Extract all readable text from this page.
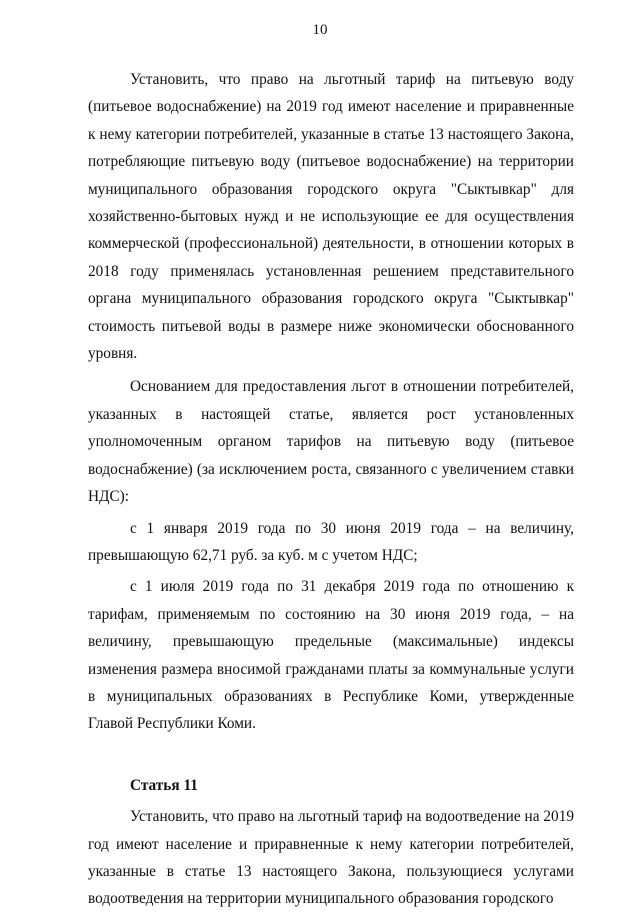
10

Установить, что право на льготный тариф на питьевую воду (питьевое водоснабжение) на 2019 год имеют население и приравненные к нему категории потребителей, указанные в статье 13 настоящего Закона, потребляющие питьевую воду (питьевое водоснабжение) на территории муниципального образования городского округа "Сыктывкар" для хозяйственно-бытовых нужд и не использующие ее для осуществления коммерческой (профессиональной) деятельности, в отношении которых в 2018 году применялась установленная решением представительного органа муниципального образования городского округа "Сыктывкар" стоимость питьевой воды в размере ниже экономически обоснованного уровня.

Основанием для предоставления льгот в отношении потребителей, указанных в настоящей статье, является рост установленных уполномоченным органом тарифов на питьевую воду (питьевое водоснабжение) (за исключением роста, связанного с увеличением ставки НДС):

с 1 января 2019 года по 30 июня 2019 года – на величину, превышающую 62,71 руб. за куб. м с учетом НДС;

с 1 июля 2019 года по 31 декабря 2019 года по отношению к тарифам, применяемым по состоянию на 30 июня 2019 года, – на величину, превышающую предельные (максимальные) индексы изменения размера вносимой гражданами платы за коммунальные услуги в муниципальных образованиях в Республике Коми, утвержденные Главой Республики Коми.

Статья 11

Установить, что право на льготный тариф на водоотведение на 2019 год имеют население и приравненные к нему категории потребителей, указанные в статье 13 настоящего Закона, пользующиеся услугами водоотведения на территории муниципального образования городского
